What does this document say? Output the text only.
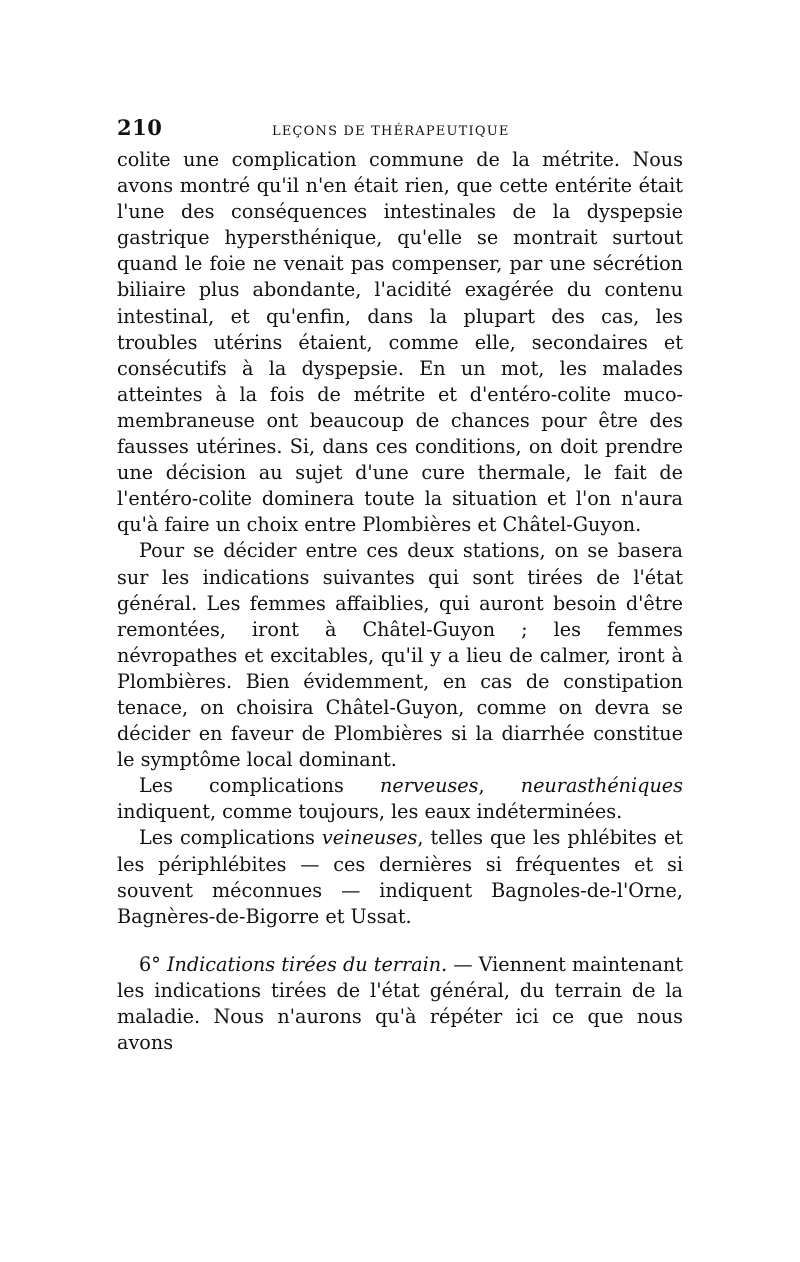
210	LEÇONS DE THÉRAPEUTIQUE

colite une complication commune de la métrite. Nous avons montré qu'il n'en était rien, que cette entérite était l'une des conséquences intestinales de la dyspepsie gastrique hypersthénique, qu'elle se montrait surtout quand le foie ne venait pas compenser, par une sécrétion biliaire plus abondante, l'acidité exagérée du contenu intestinal, et qu'enfin, dans la plupart des cas, les troubles utérins étaient, comme elle, secondaires et consécutifs à la dyspepsie. En un mot, les malades atteintes à la fois de métrite et d'entéro-colite muco-membraneuse ont beaucoup de chances pour être des fausses utérines. Si, dans ces conditions, on doit prendre une décision au sujet d'une cure thermale, le fait de l'entéro-colite dominera toute la situation et l'on n'aura qu'à faire un choix entre Plombières et Châtel-Guyon.

Pour se décider entre ces deux stations, on se basera sur les indications suivantes qui sont tirées de l'état général. Les femmes affaiblies, qui auront besoin d'être remontées, iront à Châtel-Guyon ; les femmes névropathes et excitables, qu'il y a lieu de calmer, iront à Plombières. Bien évidemment, en cas de constipation tenace, on choisira Châtel-Guyon, comme on devra se décider en faveur de Plombières si la diarrhée constitue le symptôme local dominant.

Les complications nerveuses, neurasthéniques indiquent, comme toujours, les eaux indéterminées.

Les complications veineuses, telles que les phlébites et les périphlébites — ces dernières si fréquentes et si souvent méconnues — indiquent Bagnoles-de-l'Orne, Bagnères-de-Bigorre et Ussat.

6° Indications tirées du terrain. — Viennent maintenant les indications tirées de l'état général, du terrain de la maladie. Nous n'aurons qu'à répéter ici ce que nous avons
